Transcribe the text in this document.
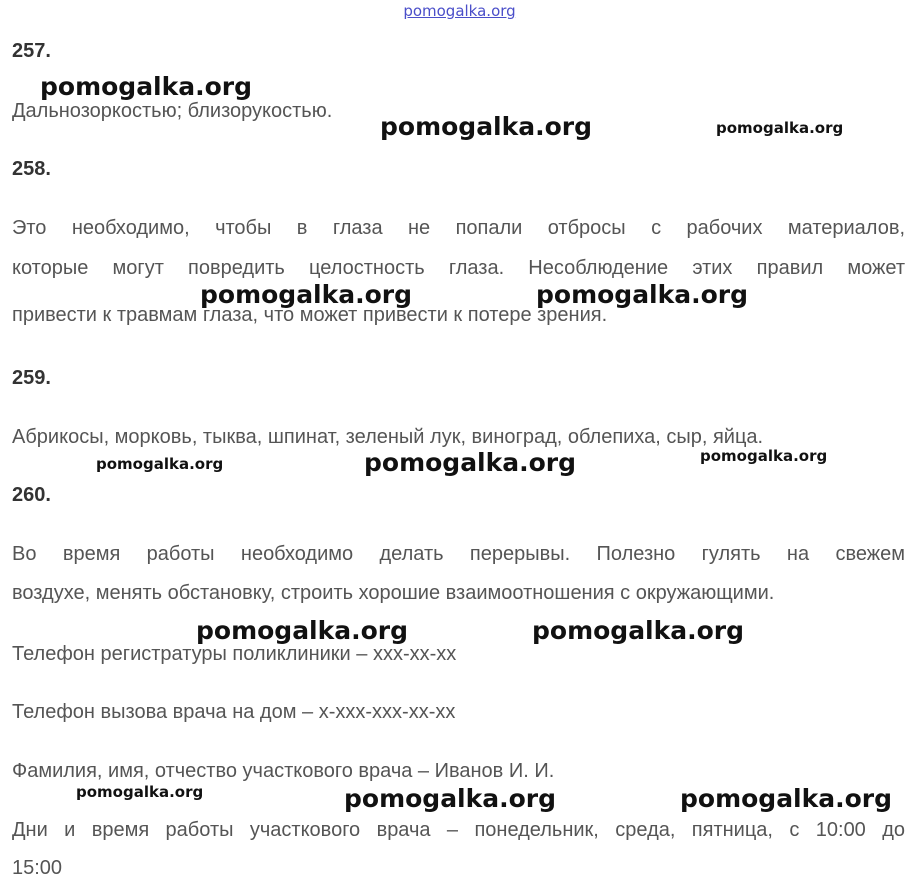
pomogalka.org
257.
Дальнозоркостью; близорукостью.
258.
Это необходимо, чтобы в глаза не попали отбросы с рабочих материалов,
которые могут повредить целостность глаза. Несоблюдение этих правил может
привести к травмам глаза, что может привести к потере зрения.
259.
Абрикосы, морковь, тыква, шпинат, зеленый лук, виноград, облепиха, сыр, яйца.
260.
Во время работы необходимо делать перерывы. Полезно гулять на свежем
воздухе, менять обстановку, строить хорошие взаимоотношения с окружающими.
Телефон регистратуры поликлиники – xxx-xx-xx
Телефон вызова врача на дом – x-xxx-xxx-xx-xx
Фамилия, имя, отчество участкового врача – Иванов И. И.
Дни и время работы участкового врача – понедельник, среда, пятница, с 10:00 до
15:00
pomogalka.org
pomogalka.org	pomogalka.org
pomogalka.org	pomogalka.org
pomogalka.org	pomogalka.org	pomogalka.org
pomogalka.org	pomogalka.org
pomogalka.org	pomogalka.org	pomogalka.org
